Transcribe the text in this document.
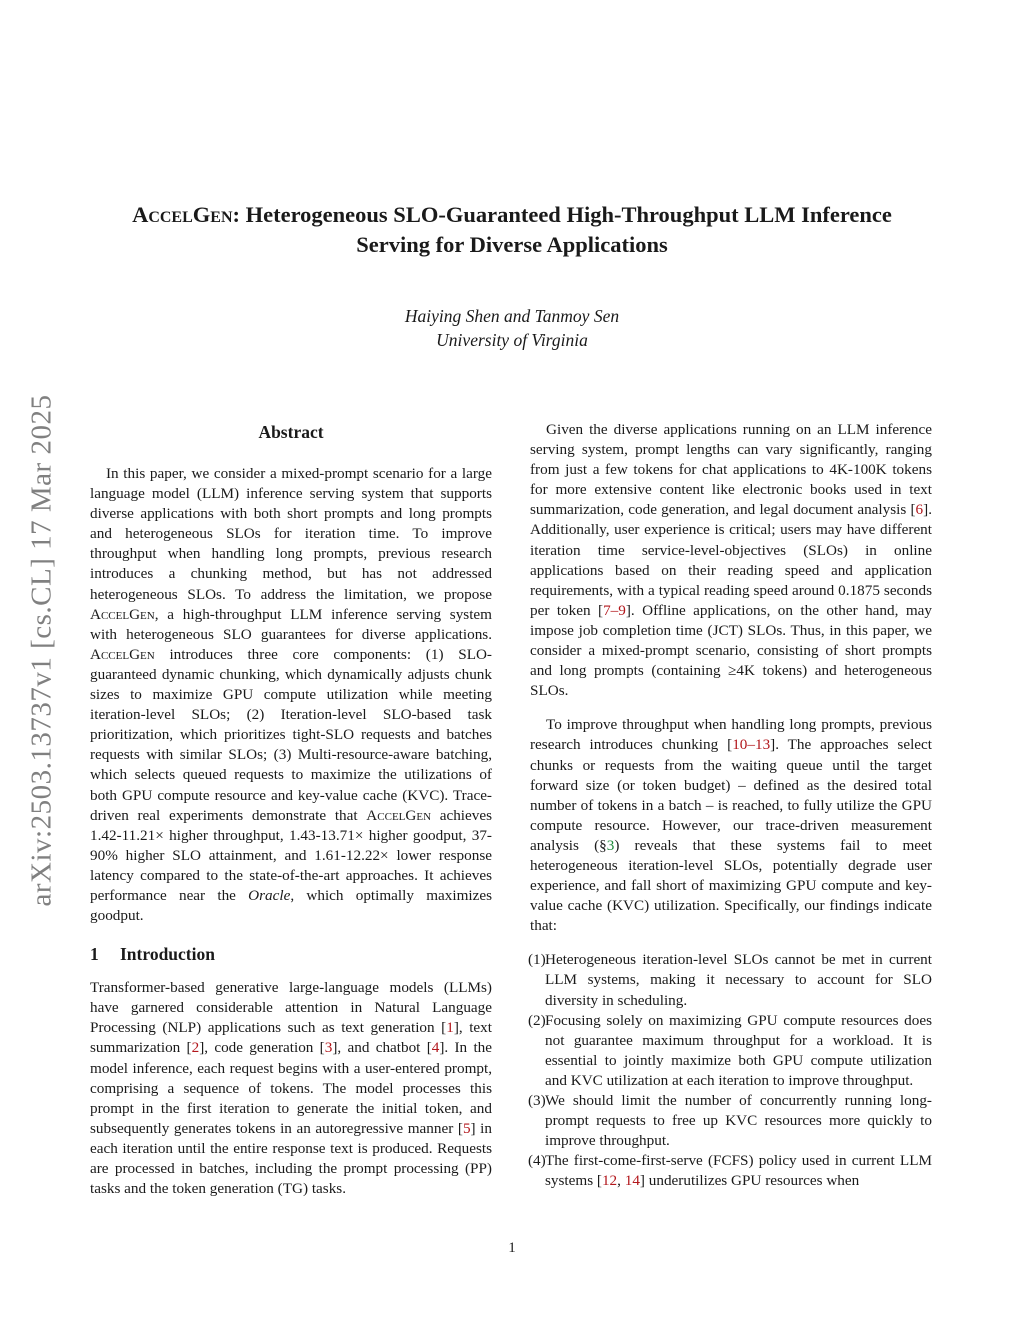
arXiv:2503.13737v1 [cs.CL] 17 Mar 2025
AccelGen: Heterogeneous SLO-Guaranteed High-Throughput LLM Inference
Serving for Diverse Applications
Haiying Shen and Tanmoy Sen
University of Virginia
Abstract

In this paper, we consider a mixed-prompt scenario for a large language model (LLM) inference serving system that supports diverse applications with both short prompts and long prompts and heterogeneous SLOs for iteration time. To improve throughput when handling long prompts, previous research introduces a chunking method, but has not addressed heterogeneous SLOs. To address the limitation, we propose AccelGen, a high-throughput LLM inference serving system with heterogeneous SLO guarantees for diverse applications. AccelGen introduces three core components: (1) SLO-guaranteed dynamic chunking, which dynamically adjusts chunk sizes to maximize GPU compute utilization while meeting iteration-level SLOs; (2) Iteration-level SLO-based task prioritization, which prioritizes tight-SLO requests and batches requests with similar SLOs; (3) Multi-resource-aware batching, which selects queued requests to maximize the utilizations of both GPU compute resource and key-value cache (KVC). Trace-driven real experiments demonstrate that AccelGen achieves 1.42-11.21× higher throughput, 1.43-13.71× higher goodput, 37-90% higher SLO attainment, and 1.61-12.22× lower response latency compared to the state-of-the-art approaches. It achieves performance near the Oracle, which optimally maximizes goodput.

1 Introduction

Transformer-based generative large-language models (LLMs) have garnered considerable attention in Natural Language Processing (NLP) applications such as text generation [1], text summarization [2], code generation [3], and chatbot [4]. In the model inference, each request begins with a user-entered prompt, comprising a sequence of tokens. The model processes this prompt in the first iteration to generate the initial token, and subsequently generates tokens in an autoregressive manner [5] in each iteration until the entire response text is produced. Requests are processed in batches, including the prompt processing (PP) tasks and the token generation (TG) tasks.

Given the diverse applications running on an LLM inference serving system, prompt lengths can vary significantly, ranging from just a few tokens for chat applications to 4K-100K tokens for more extensive content like electronic books used in text summarization, code generation, and legal document analysis [6]. Additionally, user experience is critical; users may have different iteration time service-level-objectives (SLOs) in online applications based on their reading speed and application requirements, with a typical reading speed around 0.1875 seconds per token [7–9]. Offline applications, on the other hand, may impose job completion time (JCT) SLOs. Thus, in this paper, we consider a mixed-prompt scenario, consisting of short prompts and long prompts (containing ≥4K tokens) and heterogeneous SLOs.

To improve throughput when handling long prompts, previous research introduces chunking [10–13]. The approaches select chunks or requests from the waiting queue until the target forward size (or token budget) – defined as the desired total number of tokens in a batch – is reached, to fully utilize the GPU compute resource. However, our trace-driven measurement analysis (§3) reveals that these systems fail to meet heterogeneous iteration-level SLOs, potentially degrade user experience, and fall short of maximizing GPU compute and key-value cache (KVC) utilization. Specifically, our findings indicate that:

(1) Heterogeneous iteration-level SLOs cannot be met in current LLM systems, making it necessary to account for SLO diversity in scheduling.
(2) Focusing solely on maximizing GPU compute resources does not guarantee maximum throughput for a workload. It is essential to jointly maximize both GPU compute utilization and KVC utilization at each iteration to improve throughput.
(3) We should limit the number of concurrently running long-prompt requests to free up KVC resources more quickly to improve throughput.
(4) The first-come-first-serve (FCFS) policy used in current LLM systems [12, 14] underutilizes GPU resources when
1
